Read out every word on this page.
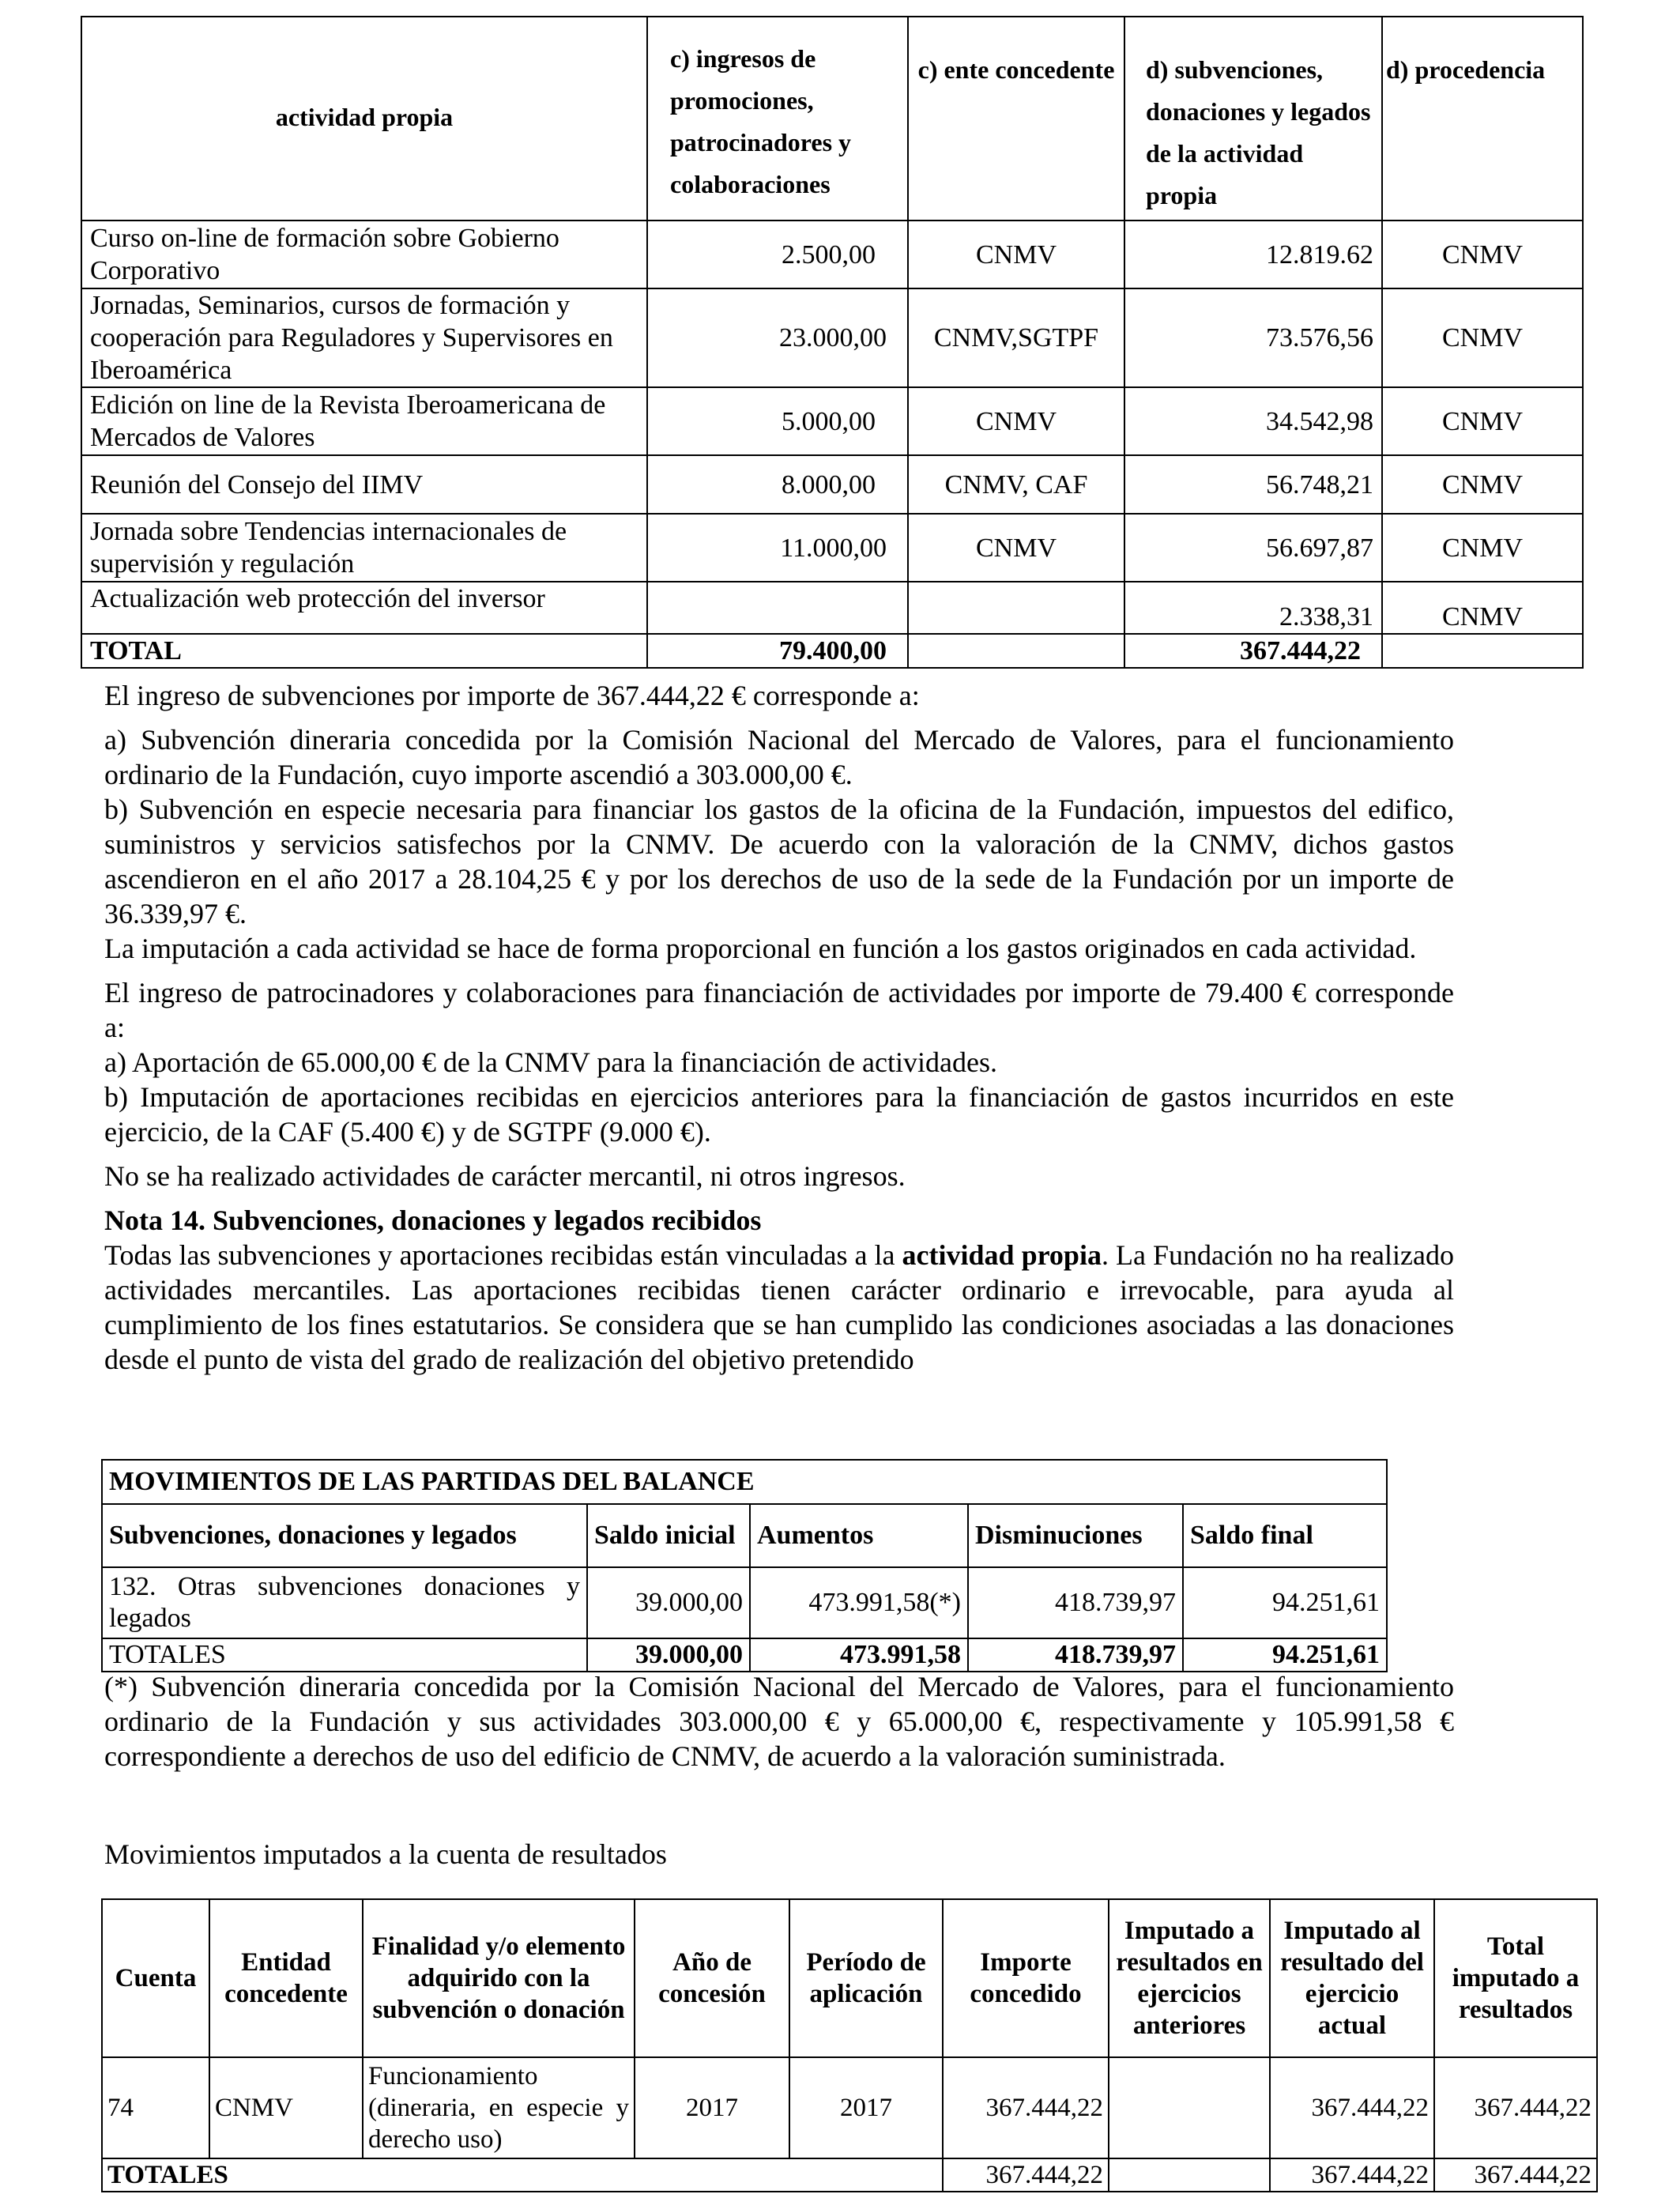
actividad propia	c) ingresos de promociones, patrocinadores y colaboraciones	c) ente concedente	d) subvenciones, donaciones y legados de la actividad propia	d) procedencia
Curso on-line de formación sobre Gobierno Corporativo	2.500,00	CNMV	12.819.62	CNMV
Jornadas, Seminarios, cursos de formación y cooperación para Reguladores y Supervisores en Iberoamérica	23.000,00	CNMV,SGTPF	73.576,56	CNMV
Edición on line de la Revista Iberoamericana de Mercados de Valores	5.000,00	CNMV	34.542,98	CNMV
Reunión del Consejo del IIMV	8.000,00	CNMV, CAF	56.748,21	CNMV
Jornada sobre Tendencias internacionales de supervisión y regulación	11.000,00	CNMV	56.697,87	CNMV
Actualización web protección del inversor			2.338,31	CNMV
TOTAL	79.400,00		367.444,22	

El ingreso de subvenciones por importe de 367.444,22 € corresponde a:

a) Subvención dineraria concedida por la Comisión Nacional del Mercado de Valores, para el funcionamiento ordinario de la Fundación, cuyo importe ascendió a 303.000,00 €.

b) Subvención en especie necesaria para financiar los gastos de la oficina de la Fundación, impuestos del edifico, suministros y servicios satisfechos por la CNMV. De acuerdo con la valoración de la CNMV, dichos gastos ascendieron en el año 2017 a 28.104,25 € y por los derechos de uso de la sede de la Fundación por un importe de 36.339,97 €.

La imputación a cada actividad se hace de forma proporcional en función a los gastos originados en cada actividad.

El ingreso de patrocinadores y colaboraciones para financiación de actividades por importe de 79.400 € corresponde a:

a) Aportación de 65.000,00 € de la CNMV para la financiación de actividades.

b) Imputación de aportaciones recibidas en ejercicios anteriores para la financiación de gastos incurridos en este ejercicio, de la CAF (5.400 €) y de SGTPF (9.000 €).

No se ha realizado actividades de carácter mercantil, ni otros ingresos.

Nota 14. Subvenciones, donaciones y legados recibidos

Todas las subvenciones y aportaciones recibidas están vinculadas a la actividad propia. La Fundación no ha realizado actividades mercantiles. Las aportaciones recibidas tienen carácter ordinario e irrevocable, para ayuda al cumplimiento de los fines estatutarios. Se considera que se han cumplido las condiciones asociadas a las donaciones desde el punto de vista del grado de realización del objetivo pretendido

MOVIMIENTOS DE LAS PARTIDAS DEL BALANCE				
Subvenciones, donaciones y legados	Saldo inicial	Aumentos	Disminuciones	Saldo final
132. Otras subvenciones donaciones y legados	39.000,00	473.991,58(*)	418.739,97	94.251,61
TOTALES	39.000,00	473.991,58	418.739,97	94.251,61

(*) Subvención dineraria concedida por la Comisión Nacional del Mercado de Valores, para el funcionamiento ordinario de la Fundación y sus actividades 303.000,00 € y 65.000,00 €, respectivamente y 105.991,58 € correspondiente a derechos de uso del edificio de CNMV, de acuerdo a la valoración suministrada.

Movimientos imputados a la cuenta de resultados

Cuenta	Entidad concedente	Finalidad y/o elemento adquirido con la subvención o donación	Año de concesión	Período de aplicación	Importe concedido	Imputado a resultados en ejercicios anteriores	Imputado al resultado del ejercicio actual	Total imputado a resultados
74	CNMV	Funcionamiento (dineraria, en especie y derecho uso)	2017	2017	367.444,22		367.444,22	367.444,22
TOTALES					367.444,22		367.444,22	367.444,22
